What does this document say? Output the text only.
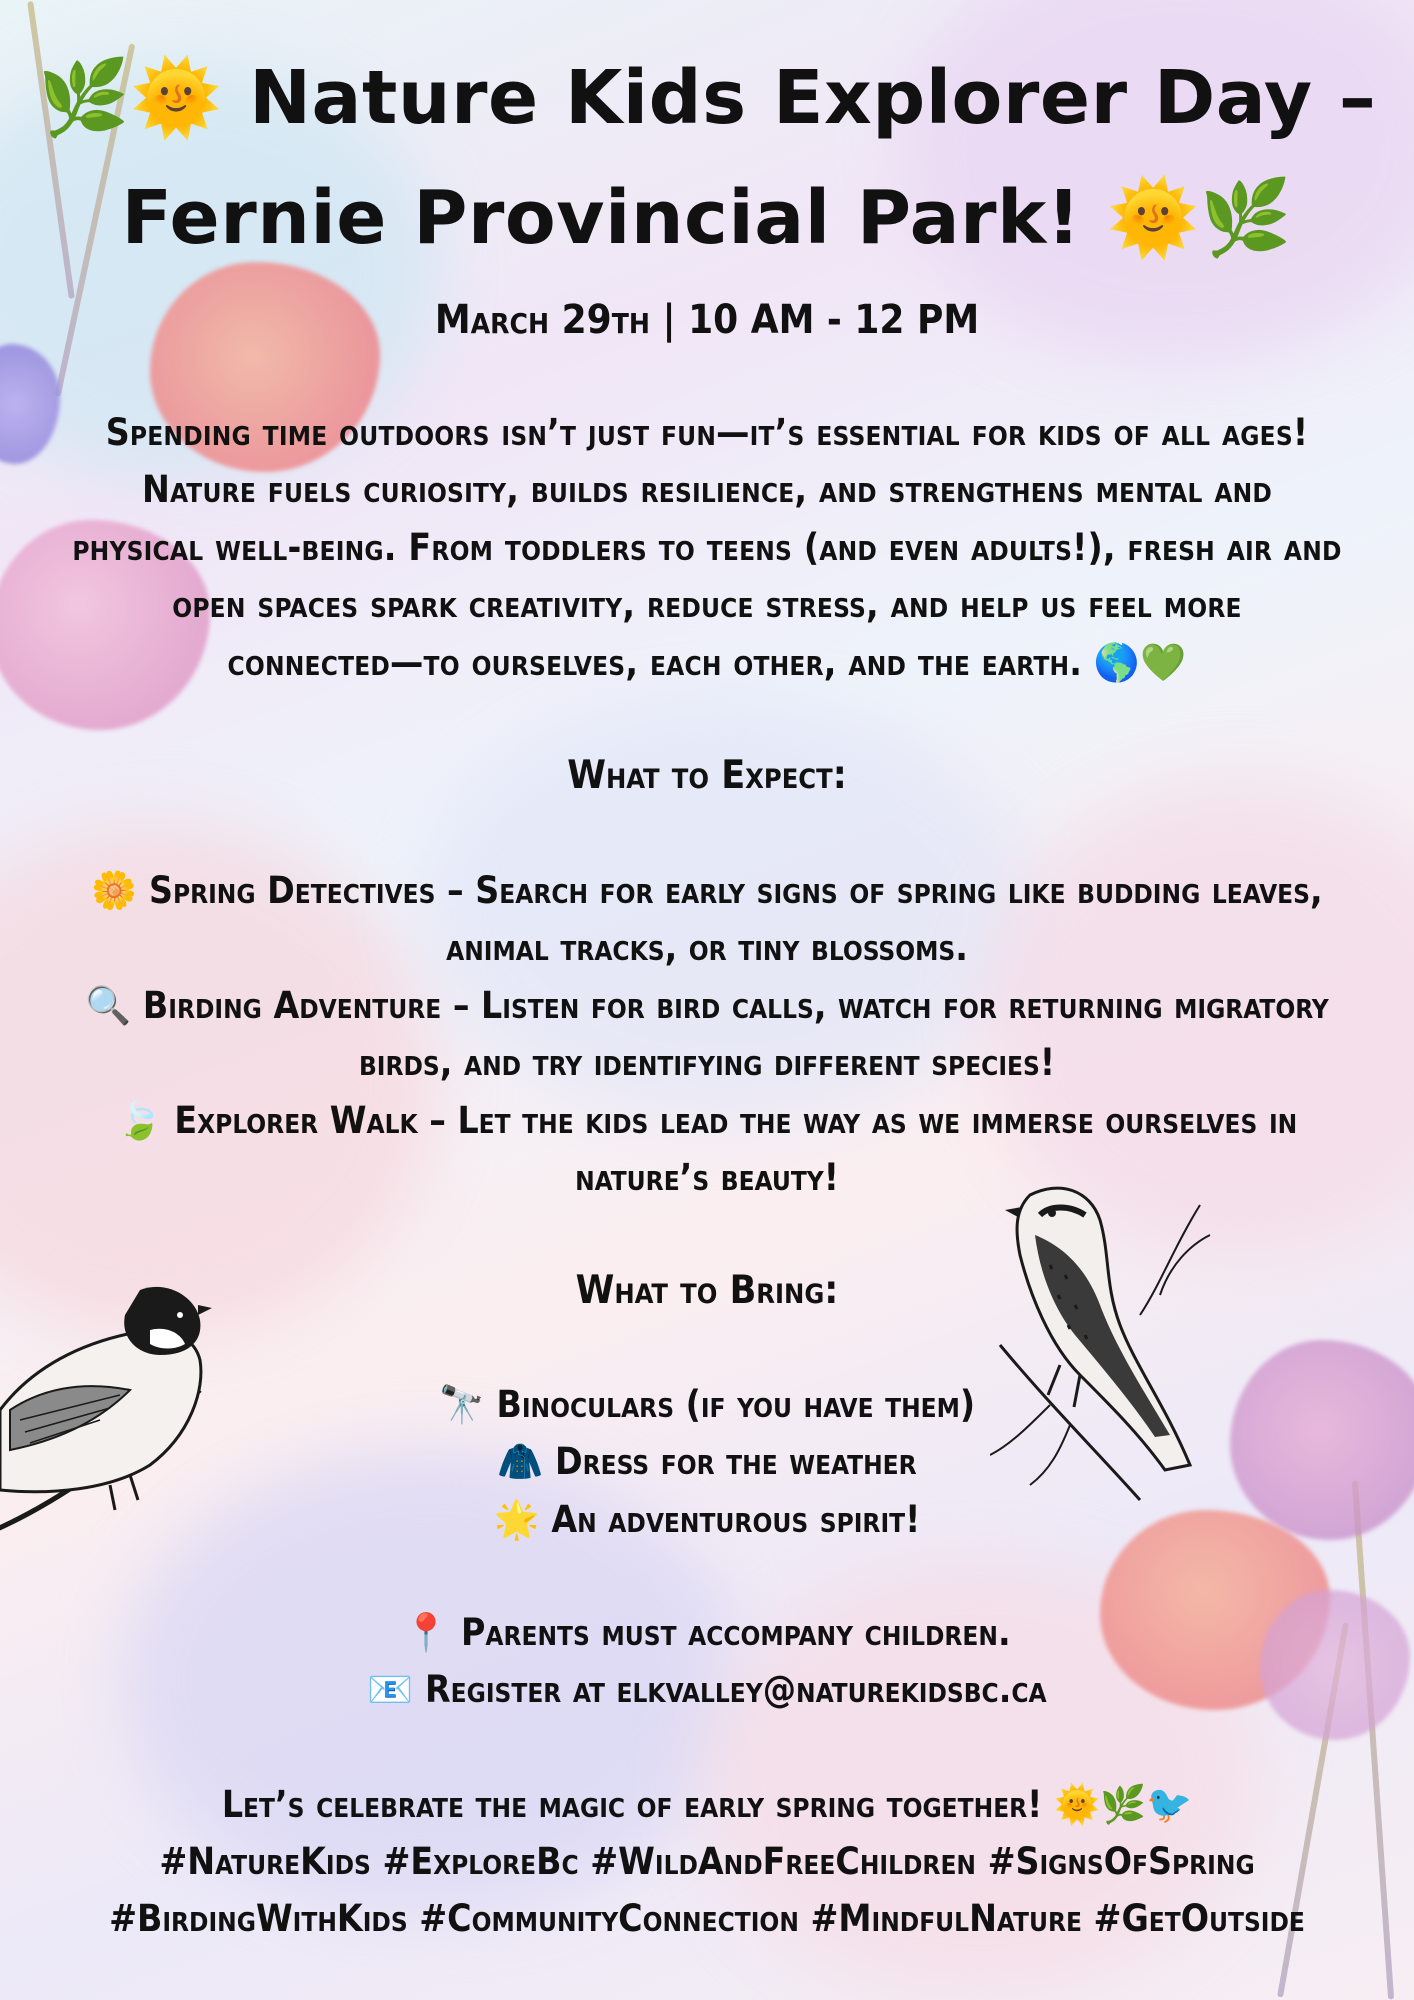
🌿🌞 Nature Kids Explorer Day –
Fernie Provincial Park! 🌞🌿

March 29th | 10 AM - 12 PM

Spending time outdoors isn’t just fun—it’s essential for kids of all ages!
Nature fuels curiosity, builds resilience, and strengthens mental and
physical well-being. From toddlers to teens (and even adults!), fresh air and
open spaces spark creativity, reduce stress, and help us feel more
connected—to ourselves, each other, and the earth. 🌎💚

What to Expect:

🌼 Spring Detectives – Search for early signs of spring like budding leaves,
animal tracks, or tiny blossoms.
🔍 Birding Adventure – Listen for bird calls, watch for returning migratory
birds, and try identifying different species!
🍃 Explorer Walk – Let the kids lead the way as we immerse ourselves in
nature’s beauty!

What to Bring:

🔭 Binoculars (if you have them)
🧥 Dress for the weather
🌟 An adventurous spirit!

📍 Parents must accompany children.
📧 Register at elkvalley@naturekidsbc.ca

Let’s celebrate the magic of early spring together! 🌞🌿🐦
#NatureKids #ExploreBc #WildAndFreeChildren #SignsOfSpring
#BirdingWithKids #CommunityConnection #MindfulNature #GetOutside
